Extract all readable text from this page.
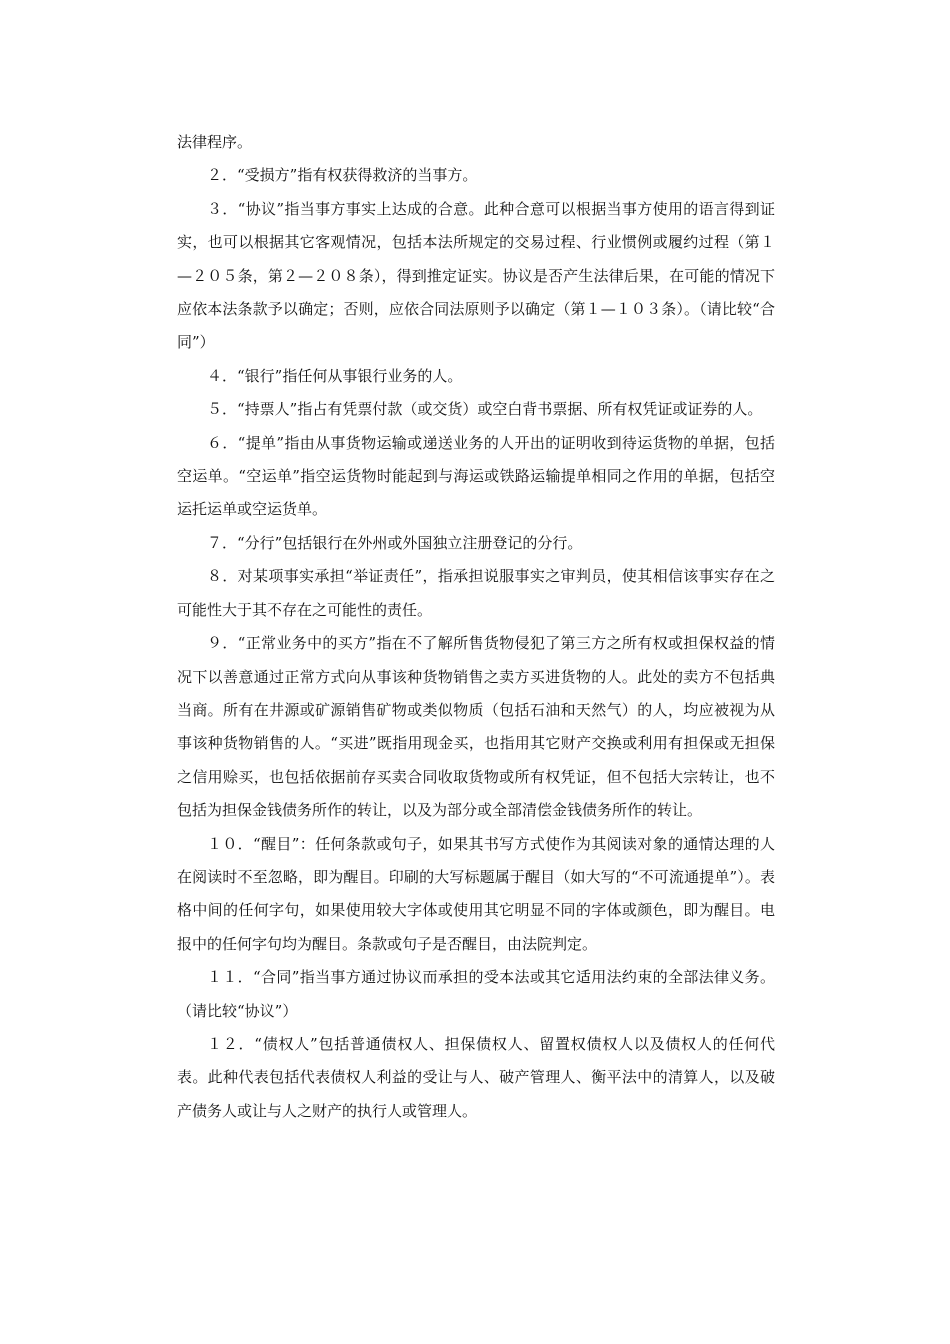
法律程序。

２．“受损方”指有权获得救济的当事方。

３．“协议”指当事方事实上达成的合意。此种合意可以根据当事方使用的语言得到证实，也可以根据其它客观情况，包括本法所规定的交易过程、行业惯例或履约过程（第１—２０５条，第２—２０８条），得到推定证实。协议是否产生法律后果，在可能的情况下应依本法条款予以确定；否则，应依合同法原则予以确定（第１—１０３条）。（请比较“合同”）

４．“银行”指任何从事银行业务的人。

５．“持票人”指占有凭票付款（或交货）或空白背书票据、所有权凭证或证券的人。

６．“提单”指由从事货物运输或递送业务的人开出的证明收到待运货物的单据，包括空运单。“空运单”指空运货物时能起到与海运或铁路运输提单相同之作用的单据，包括空运托运单或空运货单。

７．“分行”包括银行在外州或外国独立注册登记的分行。

８．对某项事实承担“举证责任”，指承担说服事实之审判员，使其相信该事实存在之可能性大于其不存在之可能性的责任。

９．“正常业务中的买方”指在不了解所售货物侵犯了第三方之所有权或担保权益的情况下以善意通过正常方式向从事该种货物销售之卖方买进货物的人。此处的卖方不包括典当商。所有在井源或矿源销售矿物或类似物质（包括石油和天然气）的人，均应被视为从事该种货物销售的人。“买进”既指用现金买，也指用其它财产交换或利用有担保或无担保之信用赊买，也包括依据前存买卖合同收取货物或所有权凭证，但不包括大宗转让，也不包括为担保金钱债务所作的转让，以及为部分或全部清偿金钱债务所作的转让。

１０．“醒目”：任何条款或句子，如果其书写方式使作为其阅读对象的通情达理的人在阅读时不至忽略，即为醒目。印刷的大写标题属于醒目（如大写的“不可流通提单”）。表格中间的任何字句，如果使用较大字体或使用其它明显不同的字体或颜色，即为醒目。电报中的任何字句均为醒目。条款或句子是否醒目，由法院判定。

１１．“合同”指当事方通过协议而承担的受本法或其它适用法约束的全部法律义务。（请比较“协议”）

１２．“债权人”包括普通债权人、担保债权人、留置权债权人以及债权人的任何代表。此种代表包括代表债权人利益的受让与人、破产管理人、衡平法中的清算人，以及破产债务人或让与人之财产的执行人或管理人。
